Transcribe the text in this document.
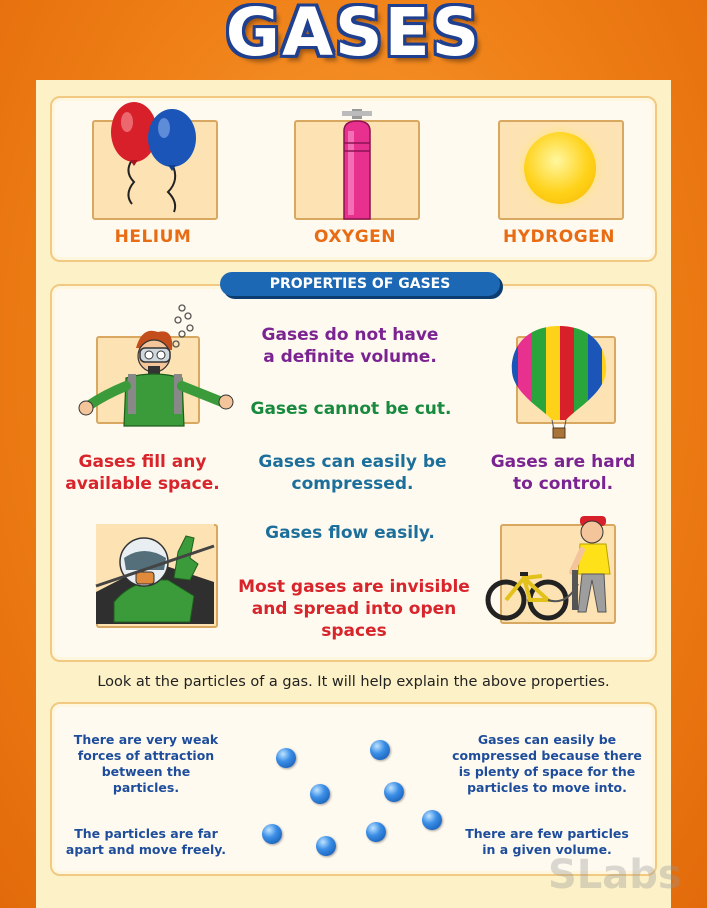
GASES
HELIUM	OXYGEN	HYDROGEN
PROPERTIES OF GASES
Gases do not have
a definite volume.
Gases cannot be cut.
Gases fill any
available space.
Gases can easily be
compressed.
Gases are hard
to control.
Gases flow easily.
Most gases are invisible
and spread into open
spaces
Look at the particles of a gas. It will help explain the above properties.
There are very weak
forces of attraction
between the
particles.
The particles are far
apart and move freely.
Gases can easily be
compressed because there
is plenty of space for the
particles to move into.
There are few particles
in a given volume.
SLabs
